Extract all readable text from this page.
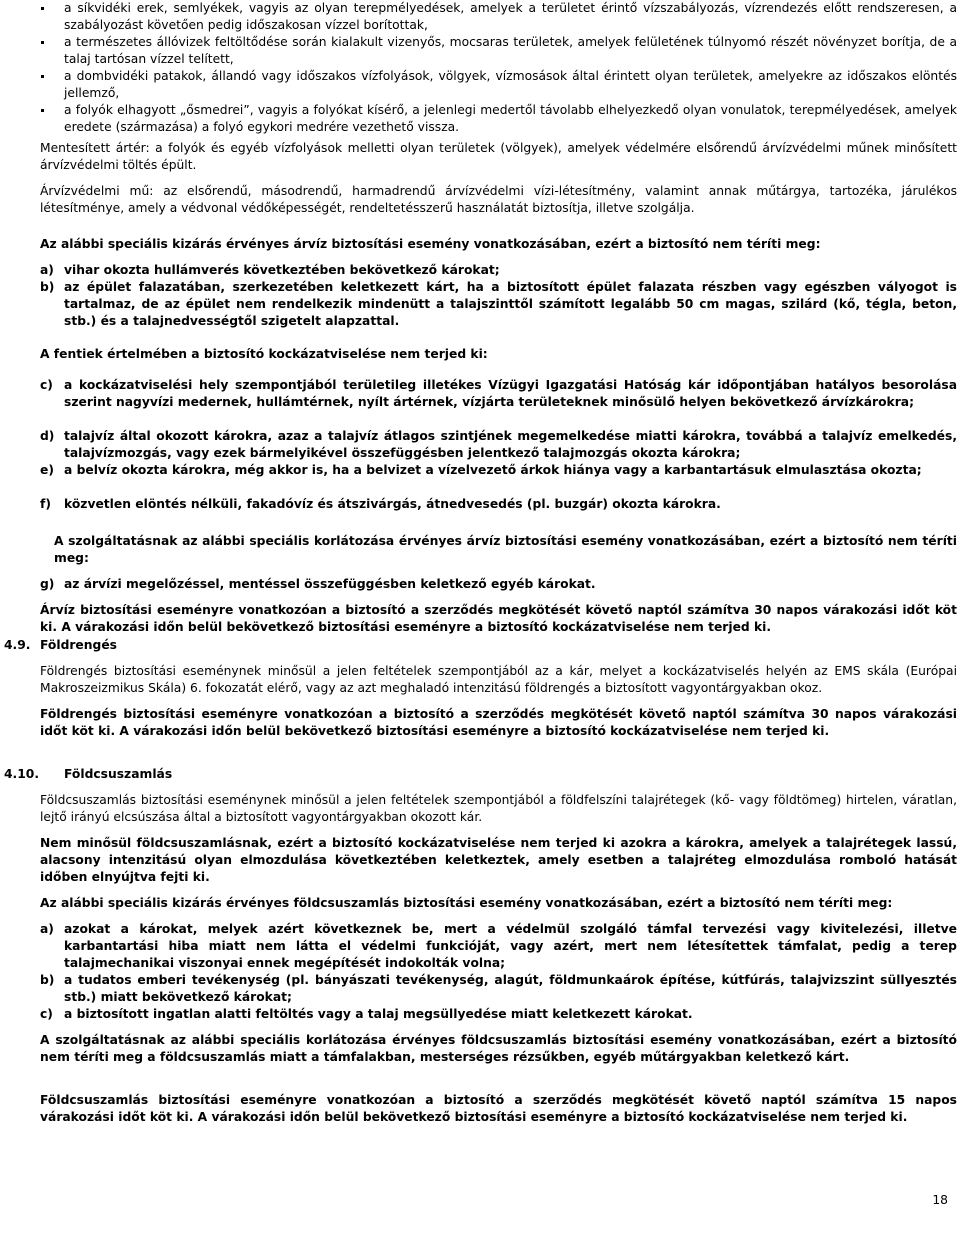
a síkvidéki erek, semlyékek, vagyis az olyan terepmélyedések, amelyek a területet érintő vízszabályozás, vízrendezés előtt rendszeresen, a szabályozást követően pedig időszakosan vízzel borítottak,
a természetes állóvizek feltöltődése során kialakult vizenyős, mocsaras területek, amelyek felületének túlnyomó részét növényzet borítja, de a talaj tartósan vízzel telített,
a dombvidéki patakok, állandó vagy időszakos vízfolyások, völgyek, vízmosások által érintett olyan területek, amelyekre az időszakos elöntés jellemző,
a folyók elhagyott „ősmedrei”, vagyis a folyókat kísérő, a jelenlegi medertől távolabb elhelyezkedő olyan vonulatok, terepmélyedések, amelyek eredete (származása) a folyó egykori medrére vezethető vissza.
Mentesített ártér: a folyók és egyéb vízfolyások melletti olyan területek (völgyek), amelyek védelmére elsőrendű árvízvédelmi műnek minősített árvízvédelmi töltés épült.
Árvízvédelmi mű: az elsőrendű, másodrendű, harmadrendű árvízvédelmi vízi-létesítmény, valamint annak műtárgya, tartozéka, járulékos létesítménye, amely a védvonal védőképességét, rendeltetésszerű használatát biztosítja, illetve szolgálja.
Az alábbi speciális kizárás érvényes árvíz biztosítási esemény vonatkozásában, ezért a biztosító nem téríti meg:
a) vihar okozta hullámverés következtében bekövetkező károkat;
b) az épület falazatában, szerkezetében keletkezett kárt, ha a biztosított épület falazata részben vagy egészben vályogot is tartalmaz, de az épület nem rendelkezik mindenütt a talajszinttől számított legalább 50 cm magas, szilárd (kő, tégla, beton, stb.) és a talajnedvességtől szigetelt alapzattal.
A fentiek értelmében a biztosító kockázatviselése nem terjed ki:
c) a kockázatviselési hely szempontjából területileg illetékes Vízügyi Igazgatási Hatóság kár időpontjában hatályos besorolása szerint nagyvízi medernek, hullámtérnek, nyílt ártérnek, vízjárta területeknek minősülő helyen bekövetkező árvízkárokra;
d) talajvíz által okozott károkra, azaz a talajvíz átlagos szintjének megemelkedése miatti károkra, továbbá a talajvíz emelkedés, talajvízmozgás, vagy ezek bármelyikével összefüggésben jelentkező talajmozgás okozta károkra;
e) a belvíz okozta károkra, még akkor is, ha a belvizet a vízelvezető árkok hiánya vagy a karbantartásuk elmulasztása okozta;
f) közvetlen elöntés nélküli, fakadóvíz és átszivárgás, átnedvesedés (pl. buzgár) okozta károkra.
A szolgáltatásnak az alábbi speciális korlátozása érvényes árvíz biztosítási esemény vonatkozásában, ezért a biztosító nem téríti meg:
g) az árvízi megelőzéssel, mentéssel összefüggésben keletkező egyéb károkat.
Árvíz biztosítási eseményre vonatkozóan a biztosító a szerződés megkötését követő naptól számítva 30 napos várakozási időt köt ki. A várakozási időn belül bekövetkező biztosítási eseményre a biztosító kockázatviselése nem terjed ki.
4.9. Földrengés
Földrengés biztosítási eseménynek minősül a jelen feltételek szempontjából az a kár, melyet a kockázatviselés helyén az EMS skála (Európai Makroszeizmikus Skála) 6. fokozatát elérő, vagy az azt meghaladó intenzitású földrengés a biztosított vagyontárgyakban okoz.
Földrengés biztosítási eseményre vonatkozóan a biztosító a szerződés megkötését követő naptól számítva 30 napos várakozási időt köt ki. A várakozási időn belül bekövetkező biztosítási eseményre a biztosító kockázatviselése nem terjed ki.
4.10. Földcsuszamlás
Földcsuszamlás biztosítási eseménynek minősül a jelen feltételek szempontjából a földfelszíni talajrétegek (kő- vagy földtömeg) hirtelen, váratlan, lejtő irányú elcsúszása által a biztosított vagyontárgyakban okozott kár.
Nem minősül földcsuszamlásnak, ezért a biztosító kockázatviselése nem terjed ki azokra a károkra, amelyek a talajrétegek lassú, alacsony intenzitású olyan elmozdulása következtében keletkeztek, amely esetben a talajréteg elmozdulása romboló hatását időben elnyújtva fejti ki.
Az alábbi speciális kizárás érvényes földcsuszamlás biztosítási esemény vonatkozásában, ezért a biztosító nem téríti meg:
a) azokat a károkat, melyek azért következnek be, mert a védelmül szolgáló támfal tervezési vagy kivitelezési, illetve karbantartási hiba miatt nem látta el védelmi funkcióját, vagy azért, mert nem létesítettek támfalat, pedig a terep talajmechanikai viszonyai ennek megépítését indokolták volna;
b) a tudatos emberi tevékenység (pl. bányászati tevékenység, alagút, földmunkaárok építése, kútfúrás, talajvizszint süllyesztés stb.) miatt bekövetkező károkat;
c) a biztosított ingatlan alatti feltöltés vagy a talaj megsüllyedése miatt keletkezett károkat.
A szolgáltatásnak az alábbi speciális korlátozása érvényes földcsuszamlás biztosítási esemény vonatkozásában, ezért a biztosító nem téríti meg a földcsuszamlás miatt a támfalakban, mesterséges rézsűkben, egyéb műtárgyakban keletkező kárt.
Földcsuszamlás biztosítási eseményre vonatkozóan a biztosító a szerződés megkötését követő naptól számítva 15 napos várakozási időt köt ki. A várakozási időn belül bekövetkező biztosítási eseményre a biztosító kockázatviselése nem terjed ki.
18
